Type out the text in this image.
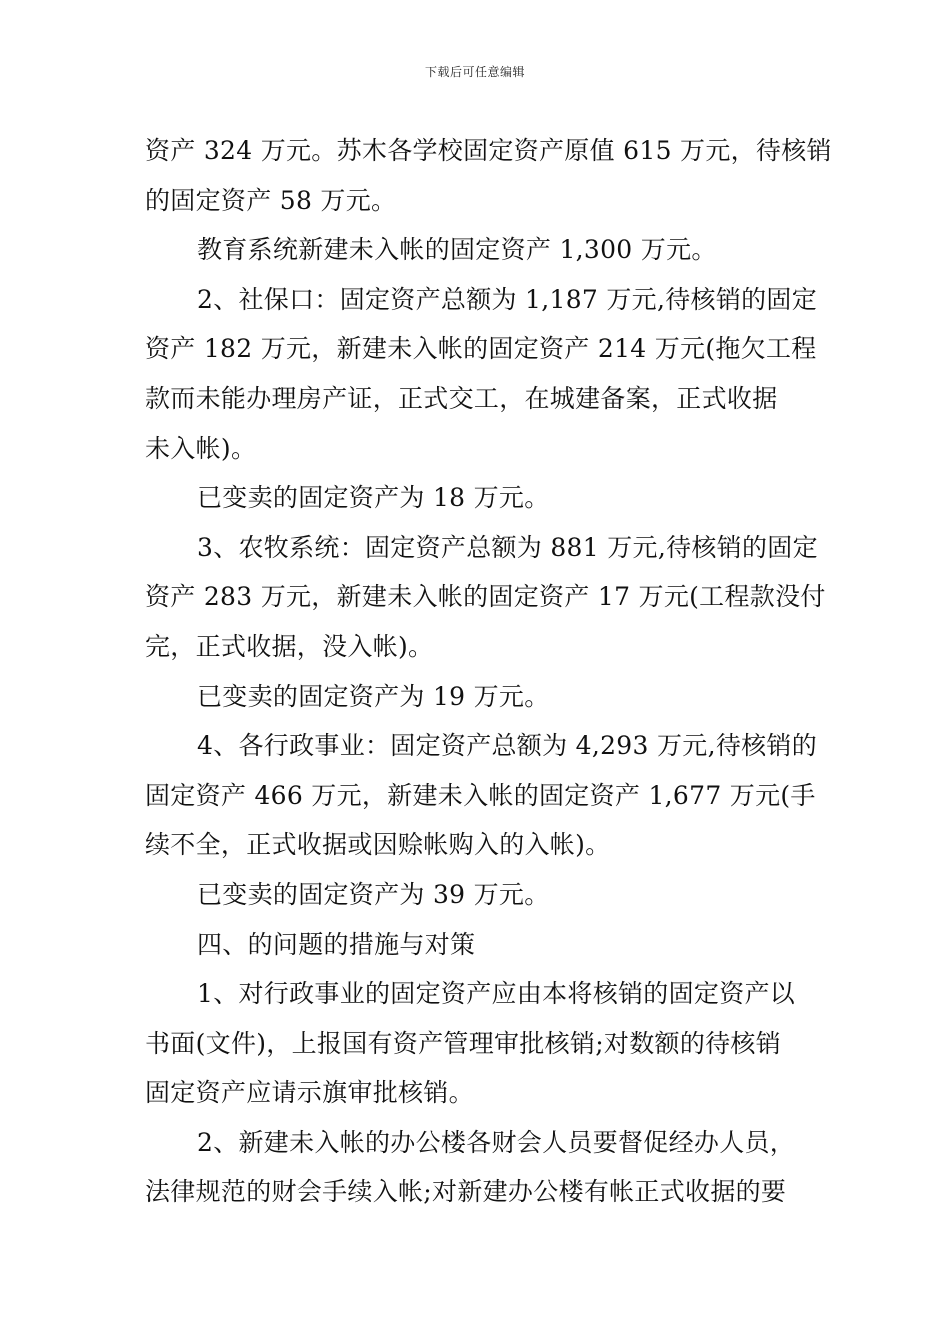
下载后可任意编辑
资产 324 万元。苏木各学校固定资产原值 615 万元，待核销
的固定资产 58 万元。
教育系统新建未入帐的固定资产 1,300 万元。
2、社保口：固定资产总额为 1,187 万元,待核销的固定
资产 182 万元，新建未入帐的固定资产 214 万元(拖欠工程
款而未能办理房产证，正式交工，在城建备案，正式收据
未入帐)。
已变卖的固定资产为 18 万元。
3、农牧系统：固定资产总额为 881 万元,待核销的固定
资产 283 万元，新建未入帐的固定资产 17 万元(工程款没付
完，正式收据，没入帐)。
已变卖的固定资产为 19 万元。
4、各行政事业：固定资产总额为 4,293 万元,待核销的
固定资产 466 万元，新建未入帐的固定资产 1,677 万元(手
续不全，正式收据或因赊帐购入的入帐)。
已变卖的固定资产为 39 万元。
四、的问题的措施与对策
1、对行政事业的固定资产应由本将核销的固定资产以
书面(文件)，上报国有资产管理审批核销;对数额的待核销
固定资产应请示旗审批核销。
2、新建未入帐的办公楼各财会人员要督促经办人员，
法律规范的财会手续入帐;对新建办公楼有帐正式收据的要
